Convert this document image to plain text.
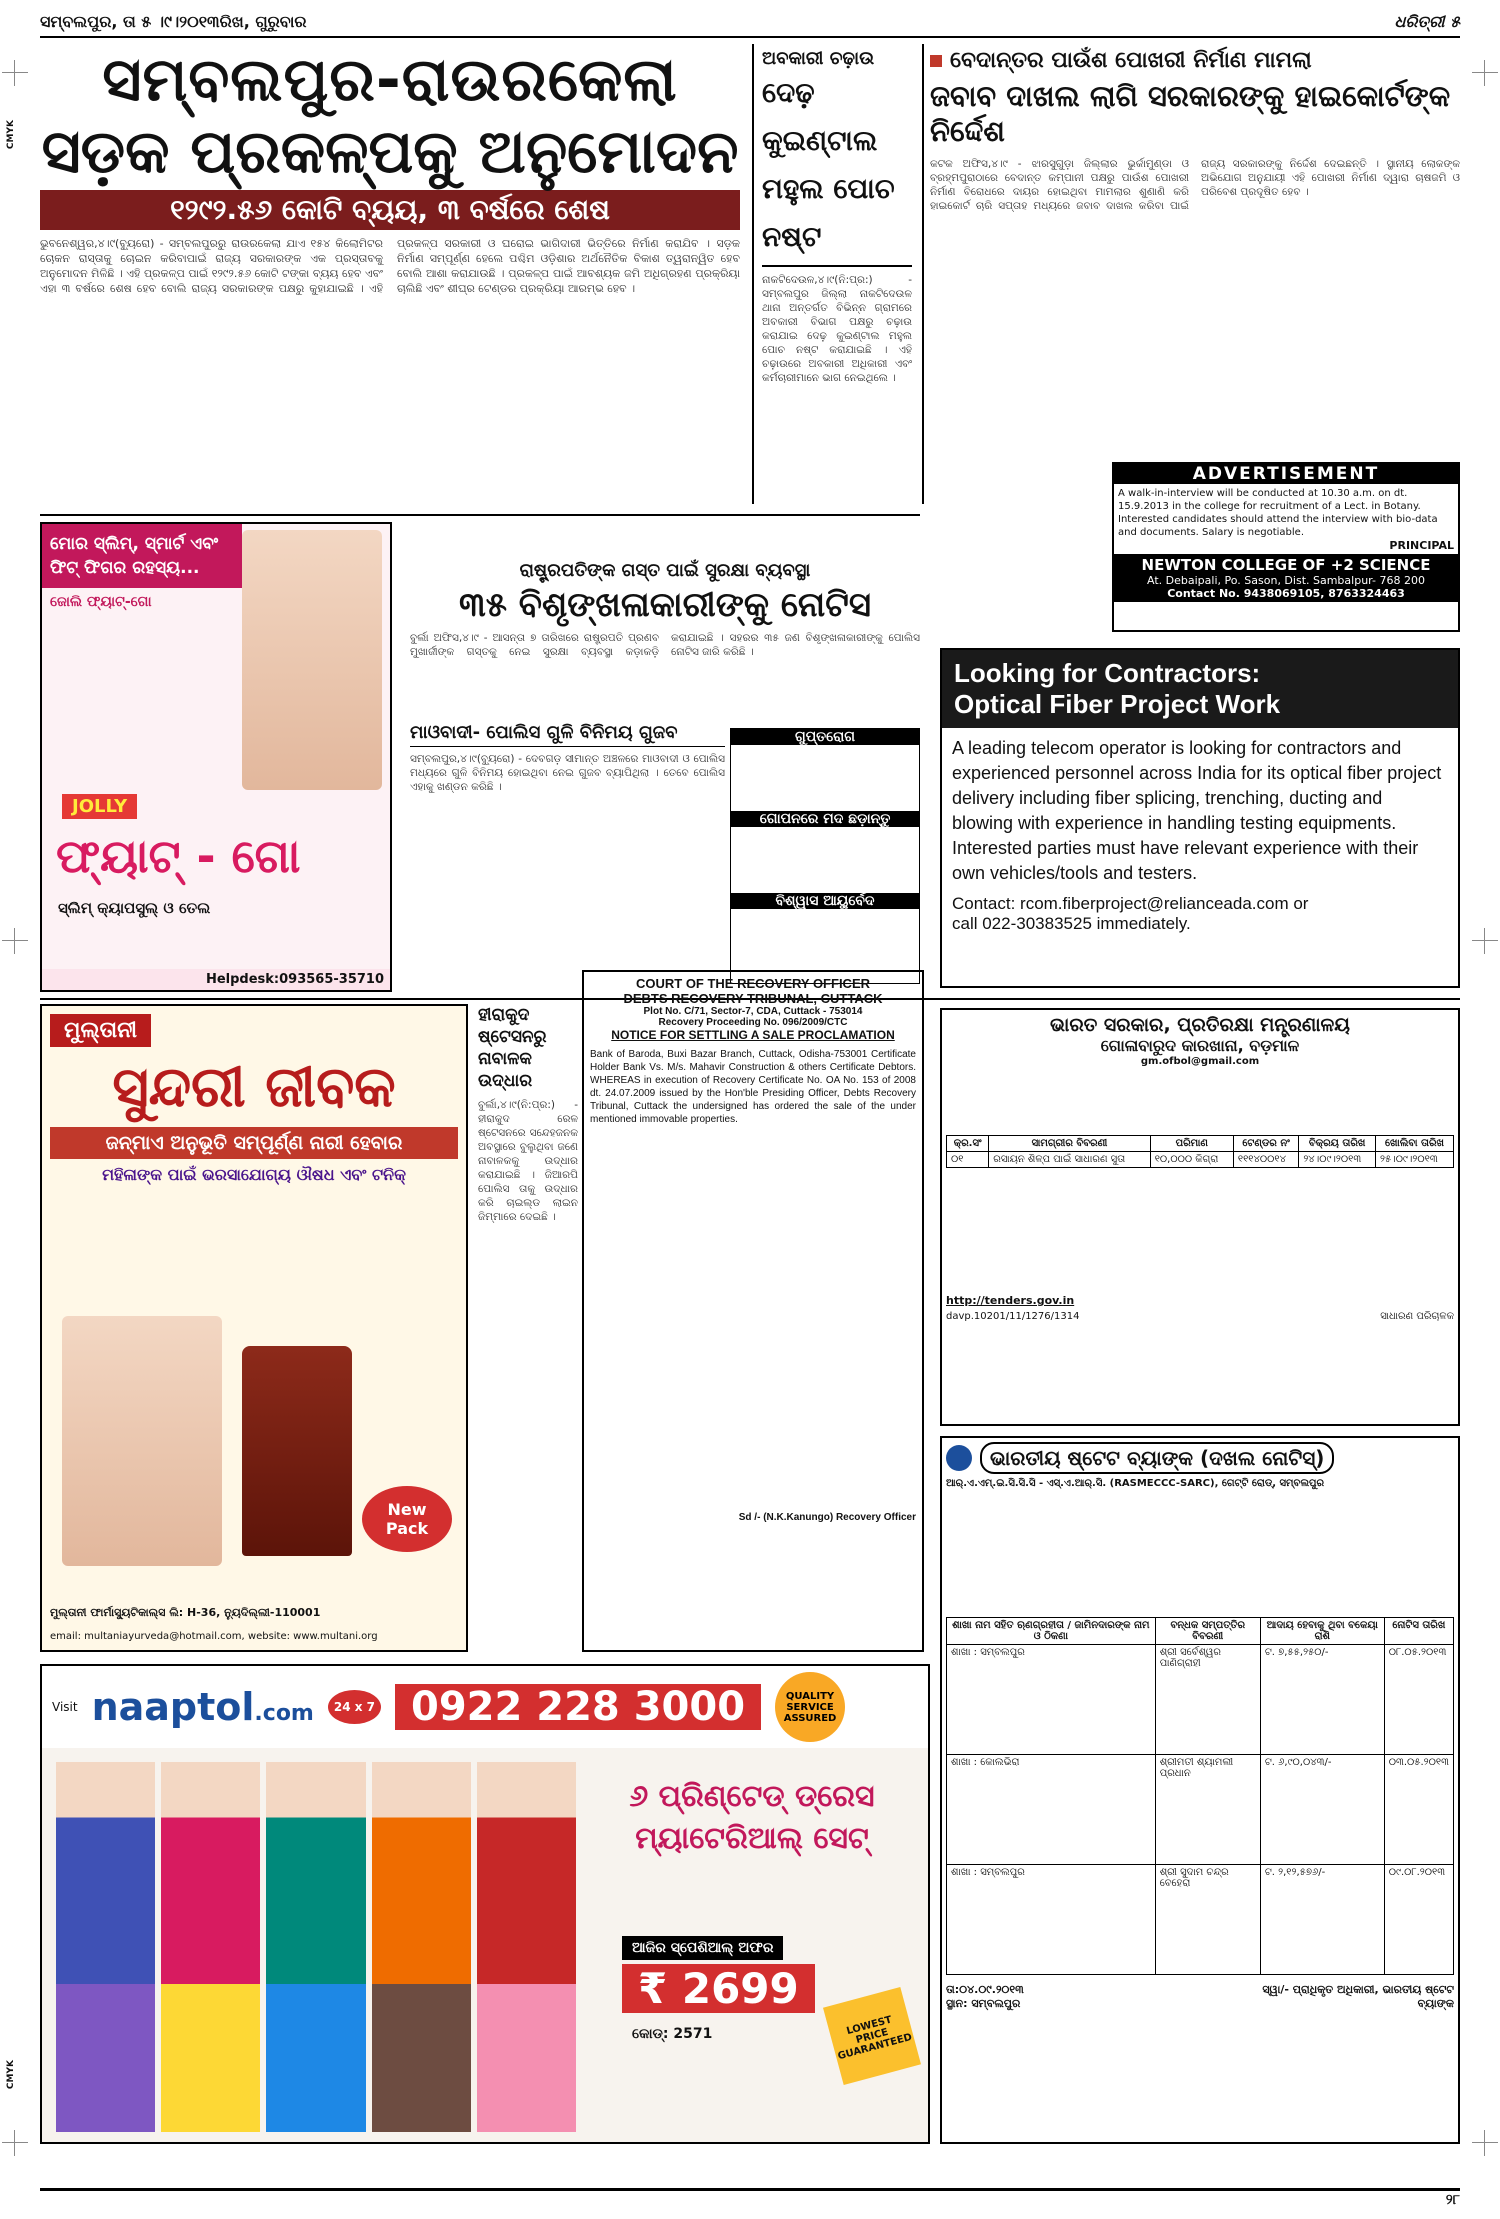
CMYK
CMYK
ସମ୍ବଲପୁର, ତା ୫ ।୯।୨୦୧୩ରିଖ, ଗୁରୁବାର	ଧରିତ୍ରୀ ୫
ସମ୍ବଲପୁର-ରାଉରକେଲା
ସଡ଼କ ପ୍ରକଳ୍ପକୁ ଅନୁମୋଦନ
୧୨୯୨.୫୬ କୋଟି ବ୍ୟୟ, ୩ ବର୍ଷରେ ଶେଷ
ଭୁବନେଶ୍ୱର,୪।୯(ବ୍ୟୁରୋ) - ସମ୍ବଲପୁରରୁ ରାଉରକେଲା ଯାଏ ୧୫୪ କିଲୋମିଟର ଚୋକନ ରାସ୍ତାକୁ ଚୋଇନ କରିବାପାଇଁ ରାଜ୍ୟ ସରକାରଙ୍କ ଏକ ପ୍ରସ୍ତାବକୁ ଅନୁମୋଦନ ମିଳିଛି । ଏହି ପ୍ରକଳ୍ପ ପାଇଁ ୧୨୯୨.୫୬ କୋଟି ଟଙ୍କା ବ୍ୟୟ ହେବ ଏବଂ ଏହା ୩ ବର୍ଷରେ ଶେଷ ହେବ ବୋଲି ରାଜ୍ୟ ସରକାରଙ୍କ ପକ୍ଷରୁ କୁହାଯାଇଛି । ଏହି ପ୍ରକଳ୍ପ ସରକାରୀ ଓ ଘରୋଇ ଭାଗିଦାରୀ ଭିତ୍ତିରେ ନିର୍ମାଣ କରାଯିବ । ସଡ଼କ ନିର୍ମାଣ ସମ୍ପୂର୍ଣ୍ଣ ହେଲେ ପଶ୍ଚିମ ଓଡ଼ିଶାର ଅର୍ଥନୈତିକ ବିକାଶ ତ୍ୱରାନ୍ୱିତ ହେବ ବୋଲି ଆଶା କରାଯାଉଛି । ପ୍ରକଳ୍ପ ପାଇଁ ଆବଶ୍ୟକ ଜମି ଅଧିଗ୍ରହଣ ପ୍ରକ୍ରିୟା ଚାଲିଛି ଏବଂ ଶୀଘ୍ର ଟେଣ୍ଡର ପ୍ରକ୍ରିୟା ଆରମ୍ଭ ହେବ ।
ଅବକାରୀ ଚଢ଼ାଉ
ଦେଢ଼ କୁଇଣ୍ଟାଲ ମହୁଲ ପୋଚ ନଷ୍ଟ
ନାକଟିଦେଉଳ,୪।୯(ନି:ପ୍ର:) - ସମ୍ବଲପୁର ଜିଲ୍ଲା ନାକଟିଦେଉଳ ଥାନା ଅନ୍ତର୍ଗତ ବିଭିନ୍ନ ଗ୍ରାମରେ ଅବକାରୀ ବିଭାଗ ପକ୍ଷରୁ ଚଢ଼ାଉ କରାଯାଇ ଦେଢ଼ କୁଇଣ୍ଟାଲ ମହୁଲ ପୋଚ ନଷ୍ଟ କରାଯାଇଛି । ଏହି ଚଢ଼ାଉରେ ଅବକାରୀ ଅଧିକାରୀ ଏବଂ କର୍ମଚାରୀମାନେ ଭାଗ ନେଇଥିଲେ ।
ବେଦାନ୍ତର ପାଉଁଶ ପୋଖରୀ ନିର୍ମାଣ ମାମଲା
ଜବାବ ଦାଖଲ ଲାଗି ସରକାରଙ୍କୁ ହାଇକୋର୍ଟଙ୍କ ନିର୍ଦ୍ଦେଶ
କଟକ ଅଫିସ,୪।୯ - ଝାରସୁଗୁଡ଼ା ଜିଲ୍ଲାର ଭୁର୍କାମୁଣ୍ଡା ଓ ବ୍ରହ୍ମପୁରାଠାରେ ବେଦାନ୍ତ କମ୍ପାନୀ ପକ୍ଷରୁ ପାଉଁଶ ପୋଖରୀ ନିର୍ମାଣ ବିରୋଧରେ ଦାୟର ହୋଇଥିବା ମାମଲାର ଶୁଣାଣି କରି ହାଇକୋର୍ଟ ଚାରି ସପ୍ତାହ ମଧ୍ୟରେ ଜବାବ ଦାଖଲ କରିବା ପାଇଁ ରାଜ୍ୟ ସରକାରଙ୍କୁ ନିର୍ଦ୍ଦେଶ ଦେଇଛନ୍ତି । ସ୍ଥାନୀୟ ଲୋକଙ୍କ ଅଭିଯୋଗ ଅନୁଯାୟୀ ଏହି ପୋଖରୀ ନିର୍ମାଣ ଦ୍ୱାରା ଚାଷଜମି ଓ ପରିବେଶ ପ୍ରଦୂଷିତ ହେବ ।
ADVERTISEMENT
A walk-in-interview will be conducted at 10.30 a.m. on dt. 15.9.2013 in the college for recruitment of a Lect. in Botany. Interested candidates should attend the interview with bio-data and documents. Salary is negotiable.
PRINCIPAL
NEWTON COLLEGE OF +2 SCIENCE
At. Debaipali, Po. Sason, Dist. Sambalpur- 768 200
Contact No. 9438069105, 8763324463
ମୋର ସ୍ଲିମ୍, ସ୍ମାର୍ଟ ଏବଂ ଫିଟ୍ ଫିଗର ରହସ୍ୟ...
ଜୋଲି ଫ୍ୟାଟ୍-ଗୋ
JOLLY
ଫ୍ୟାଟ୍ - ଗୋ
ସ୍ଲିମ୍ କ୍ୟାପସୁଲ୍ ଓ ତେଲ
Helpdesk:093565-35710
ରାଷ୍ଟ୍ରପତିଙ୍କ ଗସ୍ତ ପାଇଁ ସୁରକ୍ଷା ବ୍ୟବସ୍ଥା
୩୫ ବିଶୃଙ୍ଖଳାକାରୀଙ୍କୁ ନୋଟିସ
ବୁର୍ଲା ଅଫିସ,୪।୯ - ଆସନ୍ତା ୭ ତାରିଖରେ ରାଷ୍ଟ୍ରପତି ପ୍ରଣବ ମୁଖାର୍ଜୀଙ୍କ ଗସ୍ତକୁ ନେଇ ସୁରକ୍ଷା ବ୍ୟବସ୍ଥା କଡ଼ାକଡ଼ି କରାଯାଇଛି । ସହରର ୩୫ ଜଣ ବିଶୃଙ୍ଖଳାକାରୀଙ୍କୁ ପୋଲିସ ନୋଟିସ ଜାରି କରିଛି ।
ମାଓବାଦୀ- ପୋଲିସ ଗୁଳି ବିନିମୟ ଗୁଜବ
ସମ୍ବଲପୁର,୪।୯(ବ୍ୟୁରୋ) - ଦେବଗଡ଼ ସୀମାନ୍ତ ଅଞ୍ଚଳରେ ମାଓବାଦୀ ଓ ପୋଲିସ ମଧ୍ୟରେ ଗୁଳି ବିନିମୟ ହୋଇଥିବା ନେଇ ଗୁଜବ ବ୍ୟାପିଥିଲା । ତେବେ ପୋଲିସ ଏହାକୁ ଖଣ୍ଡନ କରିଛି ।
ଗୁପ୍ତରୋଗ
ଗୋପନରେ ମଦ ଛଡ଼ାନ୍ତୁ
ବିଶ୍ୱାସ ଆୟୁର୍ବେଦ
Looking for Contractors:
Optical Fiber Project Work
A leading telecom operator is looking for contractors and experienced personnel across India for its optical fiber project delivery including fiber splicing, trenching, ducting and blowing with experience in handling testing equipments. Interested parties must have relevant experience with their own vehicles/tools and testers.
Contact: rcom.fiberproject@relianceada.com or
call 022-30383525 immediately.
ମୁଲ୍ତାନୀ
ସୁନ୍ଦରୀ ଜୀବକ
ଜନ୍ମାଏ ଅନୁଭୂତି ସମ୍ପୂର୍ଣ୍ଣ ନାରୀ ହେବାର
ମହିଳାଙ୍କ ପାଇଁ ଭରସାଯୋଗ୍ୟ ଔଷଧ ଏବଂ ଟନିକ୍
New Pack
ମୁଲ୍ତାନୀ ଫାର୍ମାସ୍ୟୁଟିକାଲ୍ସ ଲି: H-36, ନ୍ୟୁଦିଲ୍ଲୀ-110001
email: multaniayurveda@hotmail.com, website: www.multani.org
ହୀରାକୁଦ ଷ୍ଟେସନରୁ ନାବାଳକ ଉଦ୍ଧାର
ବୁର୍ଲା,୪।୯(ନି:ପ୍ର:) - ହୀରାକୁଦ ରେଳ ଷ୍ଟେସନରେ ସନ୍ଦେହଜନକ ଅବସ୍ଥାରେ ବୁଲୁଥିବା ଜଣେ ନାବାଳକକୁ ଉଦ୍ଧାର କରାଯାଇଛି । ଜିଆରପି ପୋଲିସ ତାକୁ ଉଦ୍ଧାର କରି ଚାଇଲ୍ଡ ଲାଇନ ଜିମ୍ମାରେ ଦେଇଛି ।
COURT OF THE RECOVERY OFFICER
DEBTS RECOVERY TRIBUNAL, CUTTACK
Plot No. C/71, Sector-7, CDA, Cuttack - 753014
Recovery Proceeding No. 096/2009/CTC
NOTICE FOR SETTLING A SALE PROCLAMATION
Bank of Baroda, Buxi Bazar Branch, Cuttack, Odisha-753001 Certificate Holder Bank Vs. M/s. Mahavir Construction & others Certificate Debtors. WHEREAS in execution of Recovery Certificate No. OA No. 153 of 2008 dt. 24.07.2009 issued by the Hon'ble Presiding Officer, Debts Recovery Tribunal, Cuttack the undersigned has ordered the sale of the under mentioned immovable properties.
Sd /- (N.K.Kanungo) Recovery Officer
ଭାରତ ସରକାର, ପ୍ରତିରକ୍ଷା ମନ୍ତ୍ରଣାଳୟ
ଗୋଳାବାରୁଦ କାରଖାନା, ବଡ଼ମାଳ
gm.ofbol@gmail.com
କ୍ର.ସଂ	ସାମଗ୍ରୀର ବିବରଣୀ	ପରିମାଣ	ଟେଣ୍ଡର ନଂ	ବିକ୍ରୟ ତାରିଖ	ଖୋଲିବା ତାରିଖ
୦୧	ରସାୟନ ଶିଳ୍ପ ପାଇଁ ସାଧାରଣ ସୁତା	୧୦,୦୦୦ କିଗ୍ରା	୧୧୧୪୦୦୧୪	୨୪।୦୯।୨୦୧୩	୨୫।୦୯।୨୦୧୩
http://tenders.gov.in
davp.10201/11/1276/1314	ସାଧାରଣ ପରିଚାଳକ
ଭାରତୀୟ ଷ୍ଟେଟ ବ୍ୟାଙ୍କ (ଦଖଲ ନୋଟିସ୍)
ଆର୍.ଏ.ଏମ୍.ଇ.ସି.ସି.ସି - ଏସ୍.ଏ.ଆର୍.ସି. (RASMECCC-SARC), ଗେଟ୍‌ଟି ରୋଡ୍, ସମ୍ବଲପୁର
ଶାଖା ନାମ ସହିତ ଋଣଗ୍ରହୀତା / ଜାମିନଦାରଙ୍କ ନାମ ଓ ଠିକଣା	ବନ୍ଧକ ସମ୍ପତ୍ତିର ବିବରଣୀ	ଆଦାୟ ହେବାକୁ ଥିବା ବକେୟା ରାଶି	ନୋଟିସ ତାରିଖ
ଶାଖା : ସମ୍ବଲପୁର	ଶ୍ରୀ ସର୍ବେଶ୍ୱର ପାଣିଗ୍ରାହୀ	ଟ. ୭,୫୫,୨୫୦/-	୦୮.୦୫.୨୦୧୩
ଶାଖା : କୋଲଭିରା	ଶ୍ରୀମତୀ ଶ୍ୟାମଲୀ ପ୍ରଧାନ	ଟ. ୬,୯୦,୦୪୩/-	୦୩.୦୫.୨୦୧୩
ଶାଖା : ସମ୍ବଲପୁର	ଶ୍ରୀ ସୁଦାମ ଚନ୍ଦ୍ର ବେହେରା	ଟ. ୨,୧୨,୫୭୬/-	୦୯.୦୮.୨୦୧୩
ତା:୦୪.୦୯.୨୦୧୩
ସ୍ଥାନ: ସମ୍ବଲପୁର
ସ୍ୱା/- ପ୍ରାଧିକୃତ ଅଧିକାରୀ, ଭାରତୀୟ ଷ୍ଟେଟ ବ୍ୟାଙ୍କ
Visit naaptol.com	24 x 7 0922 228 3000	QUALITY SERVICE ASSURED
୬ ପ୍ରିଣ୍ଟେଡ୍ ଡ୍ରେସ ମ୍ୟାଟେରିଆଲ୍ ସେଟ୍
ଆଜିର ସ୍ପେଶିଆଲ୍ ଅଫର
₹ 2699
କୋଡ୍: 2571	LOWEST PRICE GUARANTEED
୨୮
